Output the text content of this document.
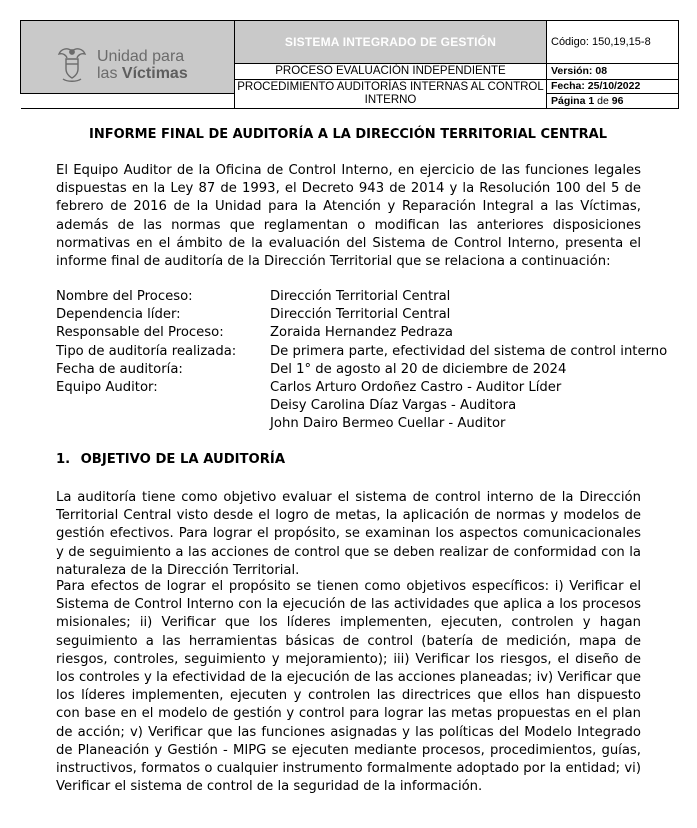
Unidad para
las Víctimas	SISTEMA INTEGRADO DE GESTIÓN	Código: 150,19,15-8
	PROCESO EVALUACIÓN INDEPENDIENTE	Versión: 08
	PROCEDIMIENTO AUDITORÍAS INTERNAS AL CONTROL INTERNO	Fecha: 25/10/2022
		Página 1 de 96
INFORME FINAL DE AUDITORÍA A LA DIRECCIÓN TERRITORIAL CENTRAL
El Equipo Auditor de la Oficina de Control Interno, en ejercicio de las funciones legales dispuestas en la Ley 87 de 1993, el Decreto 943 de 2014 y la Resolución 100 del 5 de febrero de 2016 de la Unidad para la Atención y Reparación Integral a las Víctimas, además de las normas que reglamentan o modifican las anteriores disposiciones normativas en el ámbito de la evaluación del Sistema de Control Interno, presenta el informe final de auditoría de la Dirección Territorial que se relaciona a continuación:
Nombre del Proceso:	Dirección Territorial Central
Dependencia líder:	Dirección Territorial Central
Responsable del Proceso:	Zoraida Hernandez Pedraza
Tipo de auditoría realizada:	De primera parte, efectividad del sistema de control interno
Fecha de auditoría:	Del 1° de agosto al 20 de diciembre de 2024
Equipo Auditor:	Carlos Arturo Ordoñez Castro - Auditor Líder
Deisy Carolina Díaz Vargas - Auditora
John Dairo Bermeo Cuellar - Auditor
1. OBJETIVO DE LA AUDITORÍA
La auditoría tiene como objetivo evaluar el sistema de control interno de la Dirección Territorial Central visto desde el logro de metas, la aplicación de normas y modelos de gestión efectivos. Para lograr el propósito, se examinan los aspectos comunicacionales y de seguimiento a las acciones de control que se deben realizar de conformidad con la naturaleza de la Dirección Territorial.
Para efectos de lograr el propósito se tienen como objetivos específicos: i) Verificar el Sistema de Control Interno con la ejecución de las actividades que aplica a los procesos misionales; ii) Verificar que los líderes implementen, ejecuten, controlen y hagan seguimiento a las herramientas básicas de control (batería de medición, mapa de riesgos, controles, seguimiento y mejoramiento); iii) Verificar los riesgos, el diseño de los controles y la efectividad de la ejecución de las acciones planeadas; iv) Verificar que los líderes implementen, ejecuten y controlen las directrices que ellos han dispuesto con base en el modelo de gestión y control para lograr las metas propuestas en el plan de acción; v) Verificar que las funciones asignadas y las políticas del Modelo Integrado de Planeación y Gestión - MIPG se ejecuten mediante procesos, procedimientos, guías, instructivos, formatos o cualquier instrumento formalmente adoptado por la entidad; vi) Verificar el sistema de control de la seguridad de la información.
